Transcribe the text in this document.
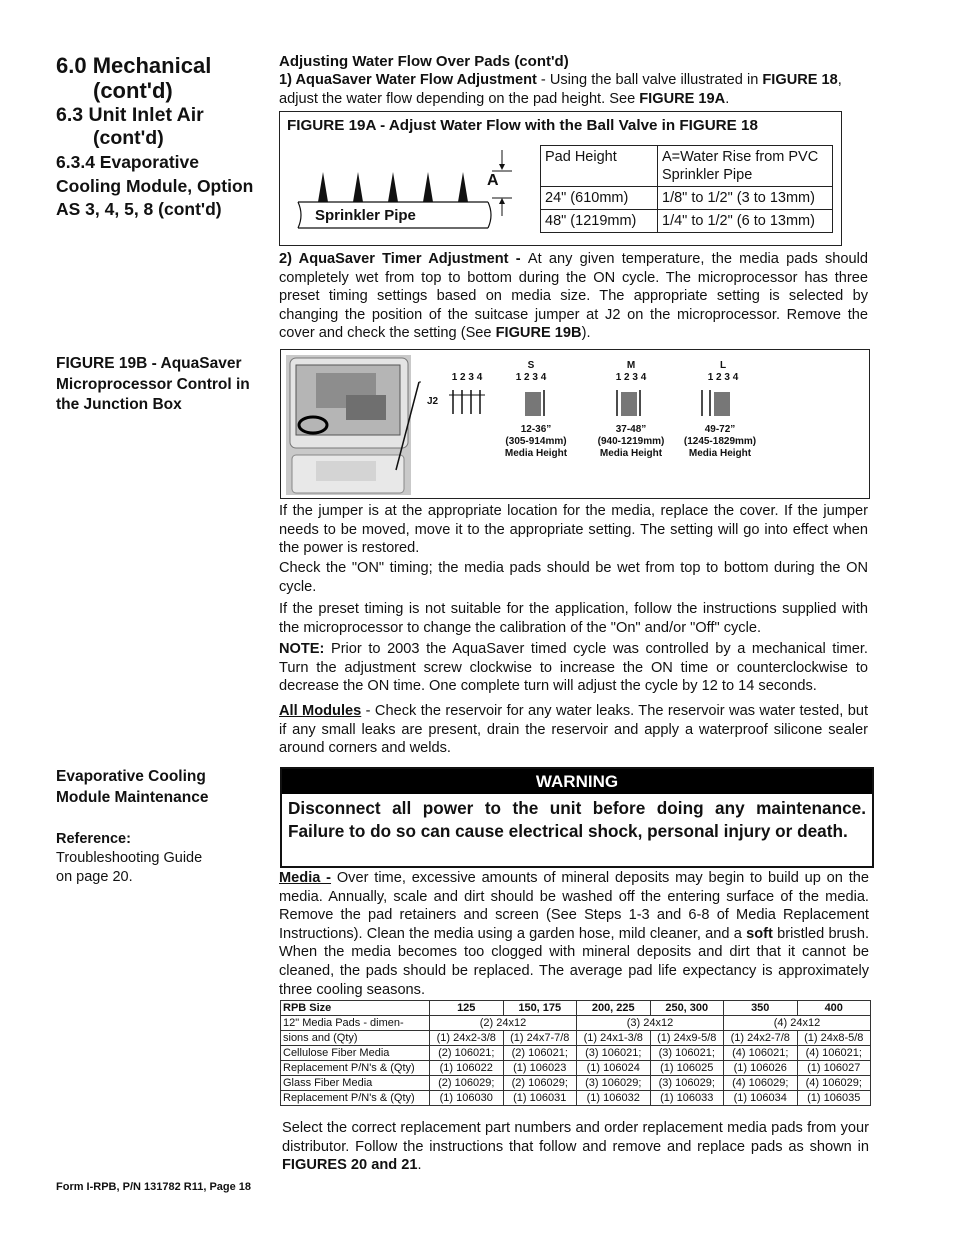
6.0 Mechanical
(cont'd)
6.3 Unit Inlet Air
(cont'd)
6.3.4 Evaporative Cooling Module, Option AS 3, 4, 5, 8 (cont'd)
FIGURE 19B - AquaSaver Microprocessor Control in the Junction Box
Evaporative Cooling Module Maintenance
Reference:
Troubleshooting Guide
on page 20.
Adjusting Water Flow Over Pads (cont'd)
1) AquaSaver Water Flow Adjustment - Using the ball valve illustrated in FIGURE 18, adjust the water flow depending on the pad height. See FIGURE 19A.
FIGURE 19A - Adjust Water Flow with the Ball Valve in FIGURE 18
A
Sprinkler Pipe
Pad Height	A=Water Rise from PVC Sprinkler Pipe
24" (610mm)	1/8" to 1/2" (3 to 13mm)
48" (1219mm)	1/4" to 1/2" (6 to 13mm)
2) AquaSaver Timer Adjustment - At any given temperature, the media pads should completely wet from top to bottom during the ON cycle. The microprocessor has three preset timing settings based on media size. The appropriate setting is selected by changing the position of the suitcase jumper at J2 on the microprocessor. Remove the cover and check the setting (See FIGURE 19B).
J2
1 2 3 4
S
1 2 3 4
12-36”
(305-914mm)
Media Height
M
1 2 3 4
37-48”
(940-1219mm)
Media Height
L
1 2 3 4
49-72”
(1245-1829mm)
Media Height
If the jumper is at the appropriate location for the media, replace the cover. If the jumper needs to be moved, move it to the appropriate setting. The setting will go into effect when the power is restored.
Check the "ON" timing; the media pads should be wet from top to bottom during the ON cycle.
If the preset timing is not suitable for the application, follow the instructions supplied with the microprocessor to change the calibration of the "On" and/or "Off" cycle.
NOTE: Prior to 2003 the AquaSaver timed cycle was controlled by a mechanical timer. Turn the adjustment screw clockwise to increase the ON time or counterclockwise to decrease the ON time. One complete turn will adjust the cycle by 12 to 14 seconds.
All Modules - Check the reservoir for any water leaks. The reservoir was water tested, but if any small leaks are present, drain the reservoir and apply a waterproof silicone sealer around corners and welds.
WARNING
Disconnect all power to the unit before doing any maintenance. Failure to do so can cause electrical shock, personal injury or death.
Media - Over time, excessive amounts of mineral deposits may begin to build up on the media. Annually, scale and dirt should be washed off the entering surface of the media. Remove the pad retainers and screen (See Steps 1-3 and 6-8 of Media Replacement Instructions). Clean the media using a garden hose, mild cleaner, and a soft bristled brush. When the media becomes too clogged with mineral deposits and dirt that it cannot be cleaned, the pads should be replaced. The average pad life expectancy is approximately three cooling seasons.
RPB Size	125	150, 175	200, 225	250, 300	350	400
12" Media Pads - dimen-	(2) 24x12		(3) 24x12		(4) 24x12	
sions and (Qty)	(1) 24x2-3/8	(1) 24x7-7/8	(1) 24x1-3/8	(1) 24x9-5/8	(1) 24x2-7/8	(1) 24x8-5/8
Cellulose Fiber Media	(2) 106021;	(2) 106021;	(3) 106021;	(3) 106021;	(4) 106021;	(4) 106021;
Replacement P/N's & (Qty)	(1) 106022	(1) 106023	(1) 106024	(1) 106025	(1) 106026	(1) 106027
Glass Fiber Media	(2) 106029;	(2) 106029;	(3) 106029;	(3) 106029;	(4) 106029;	(4) 106029;
Replacement P/N's & (Qty)	(1) 106030	(1) 106031	(1) 106032	(1) 106033	(1) 106034	(1) 106035
Select the correct replacement part numbers and order replacement media pads from your distributor. Follow the instructions that follow and remove and replace pads as shown in FIGURES 20 and 21.
Form I-RPB, P/N 131782 R11, Page 18
